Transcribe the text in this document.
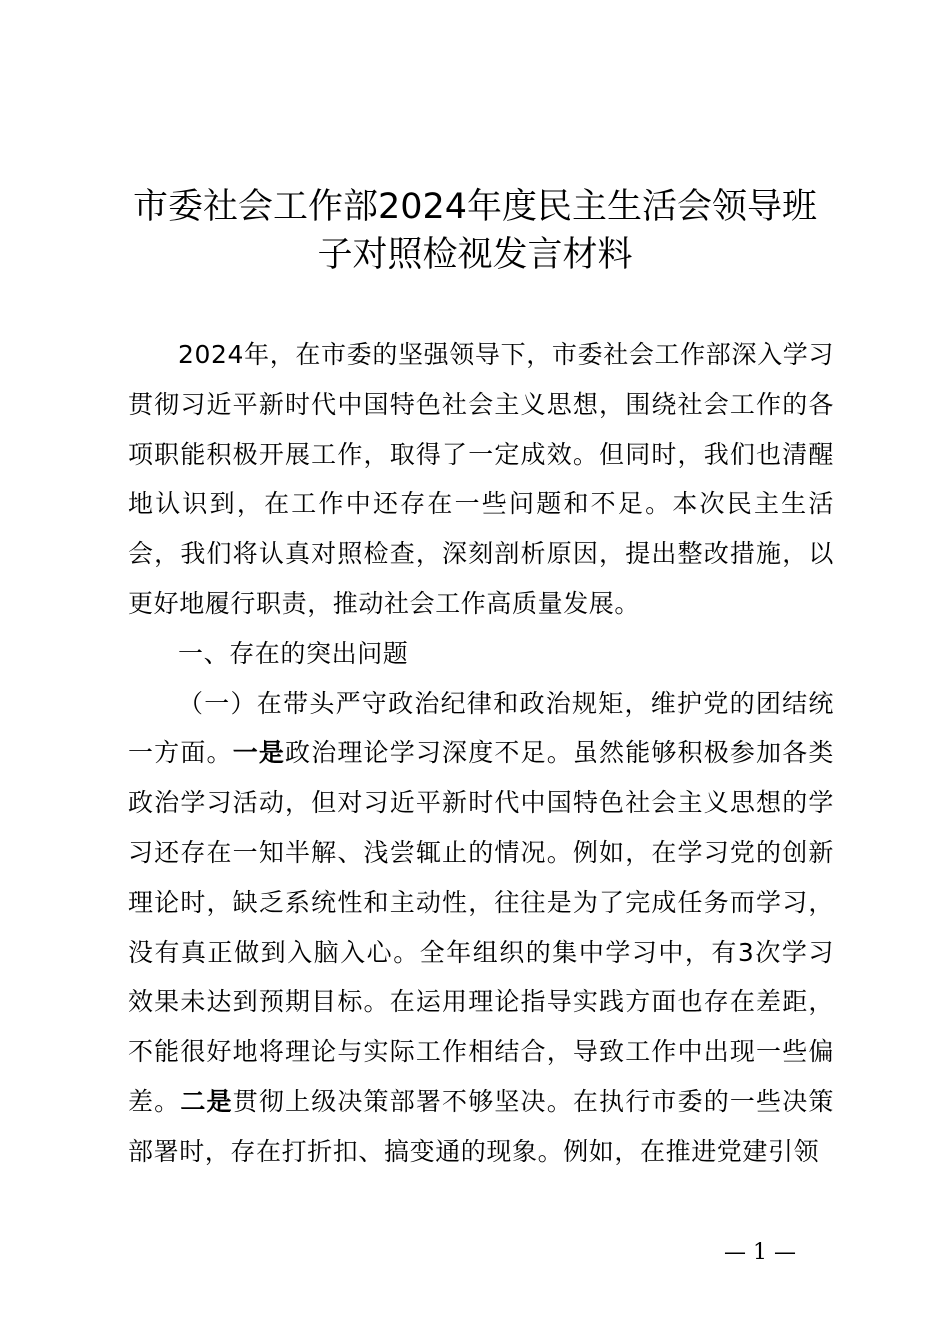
市委社会工作部2024年度民主生活会领导班
子对照检视发言材料

2024年，在市委的坚强领导下，市委社会工作部深入学习贯彻习近平新时代中国特色社会主义思想，围绕社会工作的各项职能积极开展工作，取得了一定成效。但同时，我们也清醒地认识到，在工作中还存在一些问题和不足。本次民主生活会，我们将认真对照检查，深刻剖析原因，提出整改措施，以更好地履行职责，推动社会工作高质量发展。

一、存在的突出问题

（一）在带头严守政治纪律和政治规矩，维护党的团结统一方面。一是政治理论学习深度不足。虽然能够积极参加各类政治学习活动，但对习近平新时代中国特色社会主义思想的学习还存在一知半解、浅尝辄止的情况。例如，在学习党的创新理论时，缺乏系统性和主动性，往往是为了完成任务而学习，没有真正做到入脑入心。全年组织的集中学习中，有3次学习效果未达到预期目标。在运用理论指导实践方面也存在差距，不能很好地将理论与实际工作相结合，导致工作中出现一些偏差。二是贯彻上级决策部署不够坚决。在执行市委的一些决策部署时，存在打折扣、搞变通的现象。例如，在推进党建引领

— 1 —
